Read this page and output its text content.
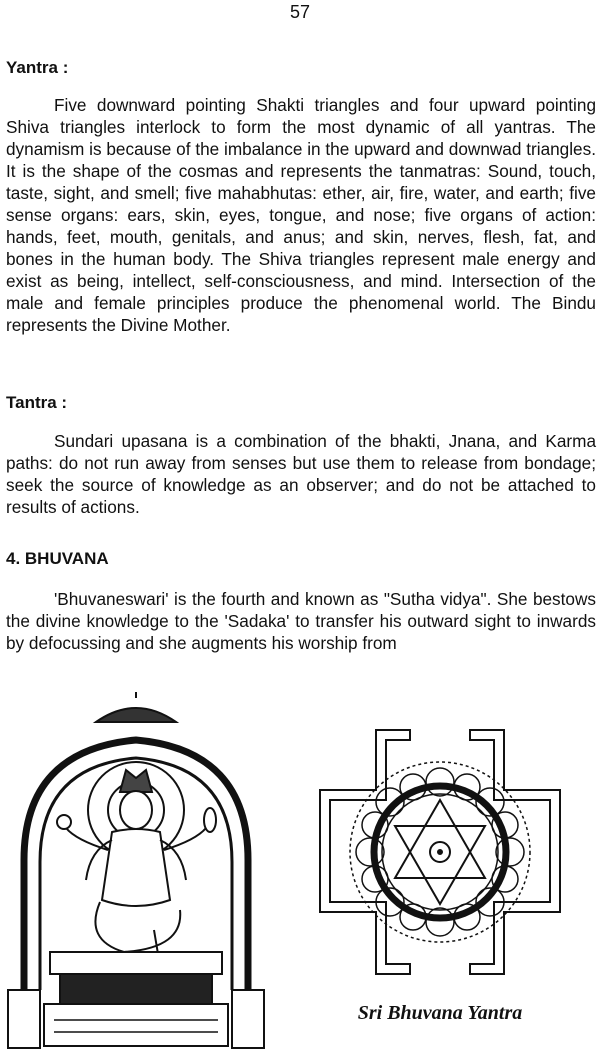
57
Yantra :

Five downward pointing Shakti triangles and four upward pointing Shiva triangles interlock to form the most dynamic of all yantras. The dynamism is because of the imbalance in the upward and downwad triangles. It is the shape of the cosmas and represents the tanmatras: Sound, touch, taste, sight, and smell; five mahabhutas: ether, air, fire, water, and earth; five sense organs: ears, skin, eyes, tongue, and nose; five organs of action: hands, feet, mouth, genitals, and anus; and skin, nerves, flesh, fat, and bones in the human body. The Shiva triangles represent male energy and exist as being, intellect, self-consciousness, and mind. Intersection of the male and female principles produce the phenomenal world. The Bindu represents the Divine Mother.

Tantra :

Sundari upasana is a combination of the bhakti, Jnana, and Karma paths: do not run away from senses but use them to release from bondage; seek the source of knowledge as an observer; and do not be attached to results of actions.

4. BHUVANA

'Bhuvaneswari' is the fourth and known as "Sutha vidya". She bestows the divine knowledge to the 'Sadaka' to transfer his outward sight to inwards by defocussing and she augments his worship from

Sri Bhuvana Yantra
